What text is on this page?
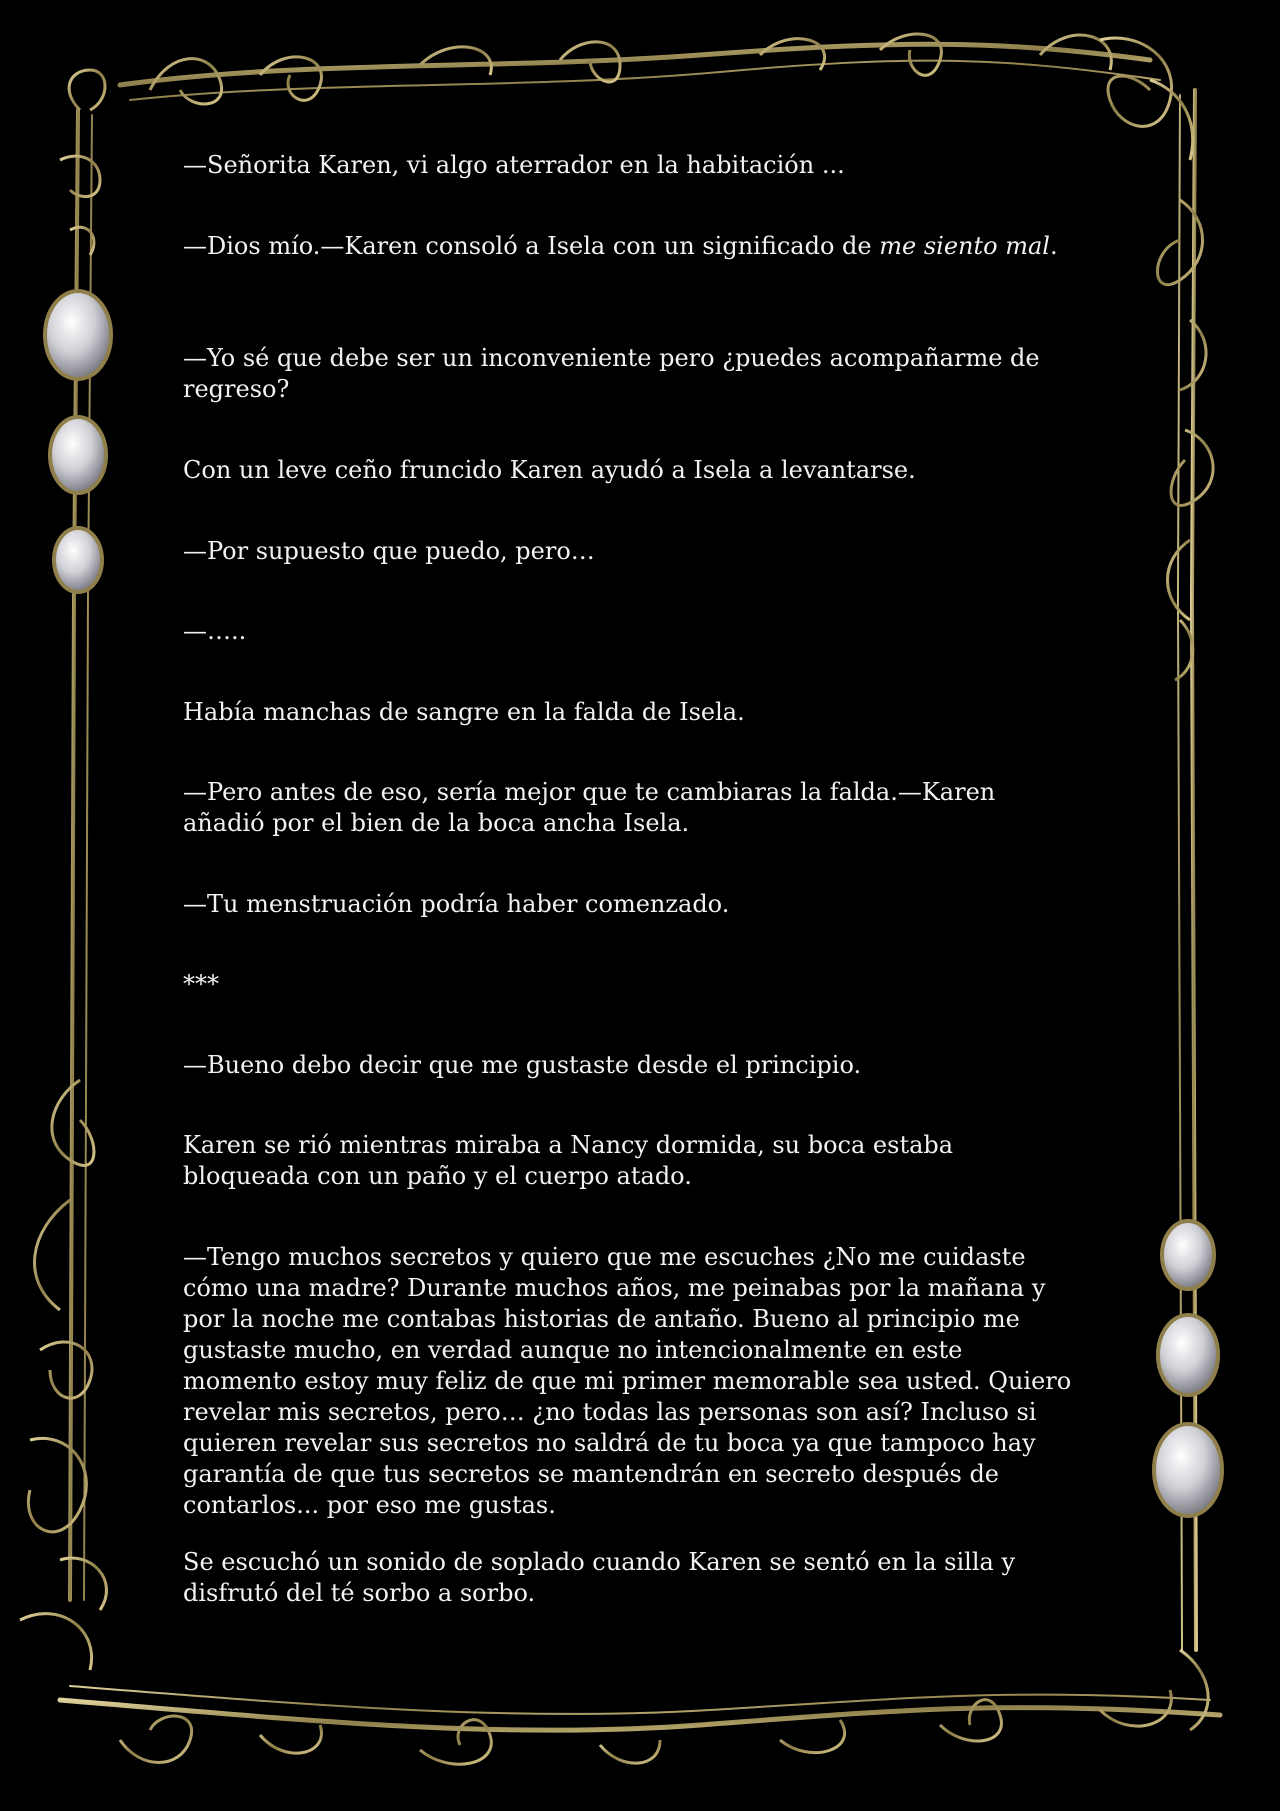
—Señorita Karen, vi algo aterrador en la habitación ...

—Dios mío.—Karen consoló a Isela con un significado de me siento mal.

—Yo sé que debe ser un inconveniente pero ¿puedes acompañarme de regreso?

Con un leve ceño fruncido Karen ayudó a Isela a levantarse.

—Por supuesto que puedo, pero…

—…..

Había manchas de sangre en la falda de Isela.

—Pero antes de eso, sería mejor que te cambiaras la falda.—Karen añadió por el bien de la boca ancha Isela.

—Tu menstruación podría haber comenzado.

***

—Bueno debo decir que me gustaste desde el principio.

Karen se rió mientras miraba a Nancy dormida, su boca estaba bloqueada con un paño y el cuerpo atado.

—Tengo muchos secretos y quiero que me escuches ¿No me cuidaste cómo una madre? Durante muchos años, me peinabas por la mañana y por la noche me contabas historias de antaño. Bueno al principio me gustaste mucho, en verdad aunque no intencionalmente en este momento estoy muy feliz de que mi primer memorable sea usted. Quiero revelar mis secretos, pero… ¿no todas las personas son así? Incluso si quieren revelar sus secretos no saldrá de tu boca ya que tampoco hay garantía de que tus secretos se mantendrán en secreto después de contarlos... por eso me gustas.

Se escuchó un sonido de soplado cuando Karen se sentó en la silla y disfrutó del té sorbo a sorbo.
